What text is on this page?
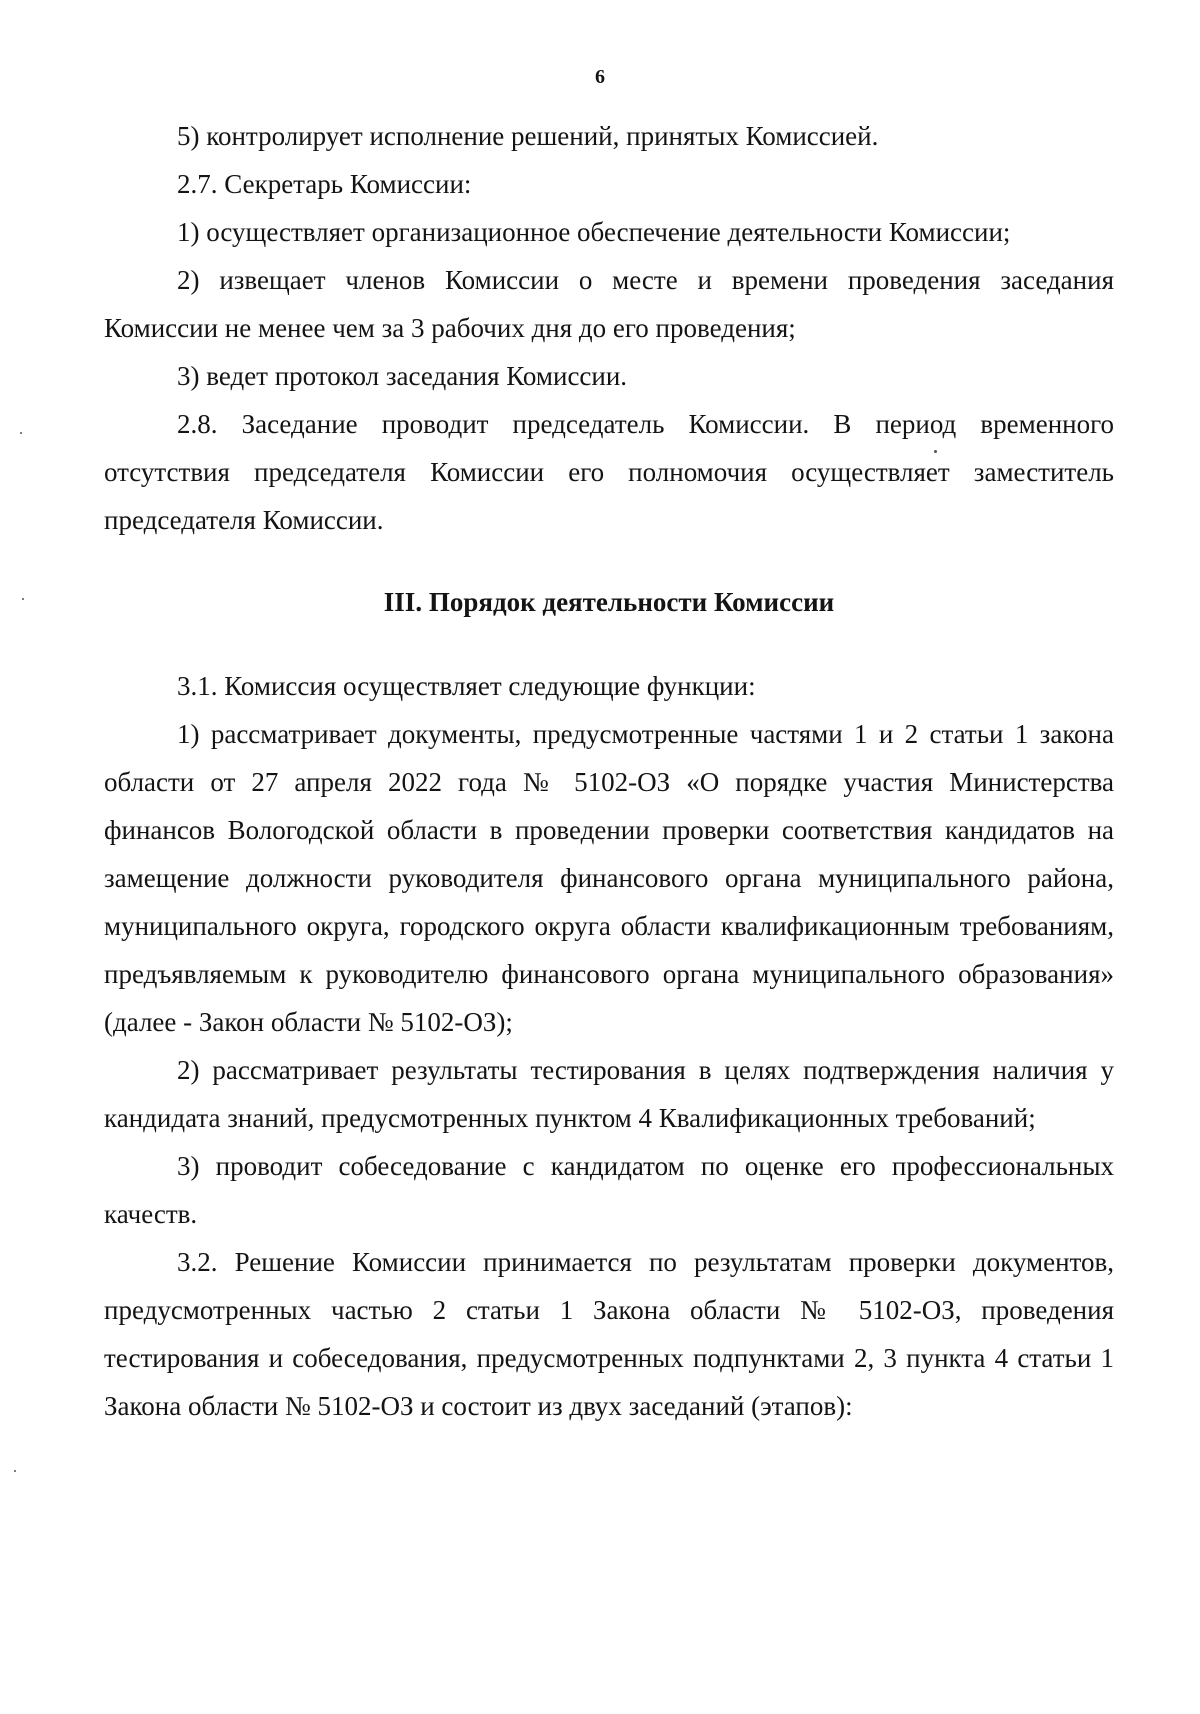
6

5) контролирует исполнение решений, принятых Комиссией.

2.7. Секретарь Комиссии:

1) осуществляет организационное обеспечение деятельности Комиссии;

2) извещает членов Комиссии о месте и времени проведения заседания Комиссии не менее чем за 3 рабочих дня до его проведения;

3) ведет протокол заседания Комиссии.

2.8. Заседание проводит председатель Комиссии. В период временного отсутствия председателя Комиссии его полномочия осуществляет заместитель председателя Комиссии.

III. Порядок деятельности Комиссии

3.1. Комиссия осуществляет следующие функции:

1) рассматривает документы, предусмотренные частями 1 и 2 статьи 1 закона области от 27 апреля 2022 года № 5102-ОЗ «О порядке участия Министерства финансов Вологодской области в проведении проверки соответствия кандидатов на замещение должности руководителя финансового органа муниципального района, муниципального округа, городского округа области квалификационным требованиям, предъявляемым к руководителю финансового органа муниципального образования» (далее - Закон области № 5102-ОЗ);

2) рассматривает результаты тестирования в целях подтверждения наличия у кандидата знаний, предусмотренных пунктом 4 Квалификационных требований;

3) проводит собеседование с кандидатом по оценке его профессиональных качеств.

3.2. Решение Комиссии принимается по результатам проверки документов, предусмотренных частью 2 статьи 1 Закона области № 5102-ОЗ, проведения тестирования и собеседования, предусмотренных подпунктами 2, 3 пункта 4 статьи 1 Закона области № 5102-ОЗ и состоит из двух заседаний (этапов):
